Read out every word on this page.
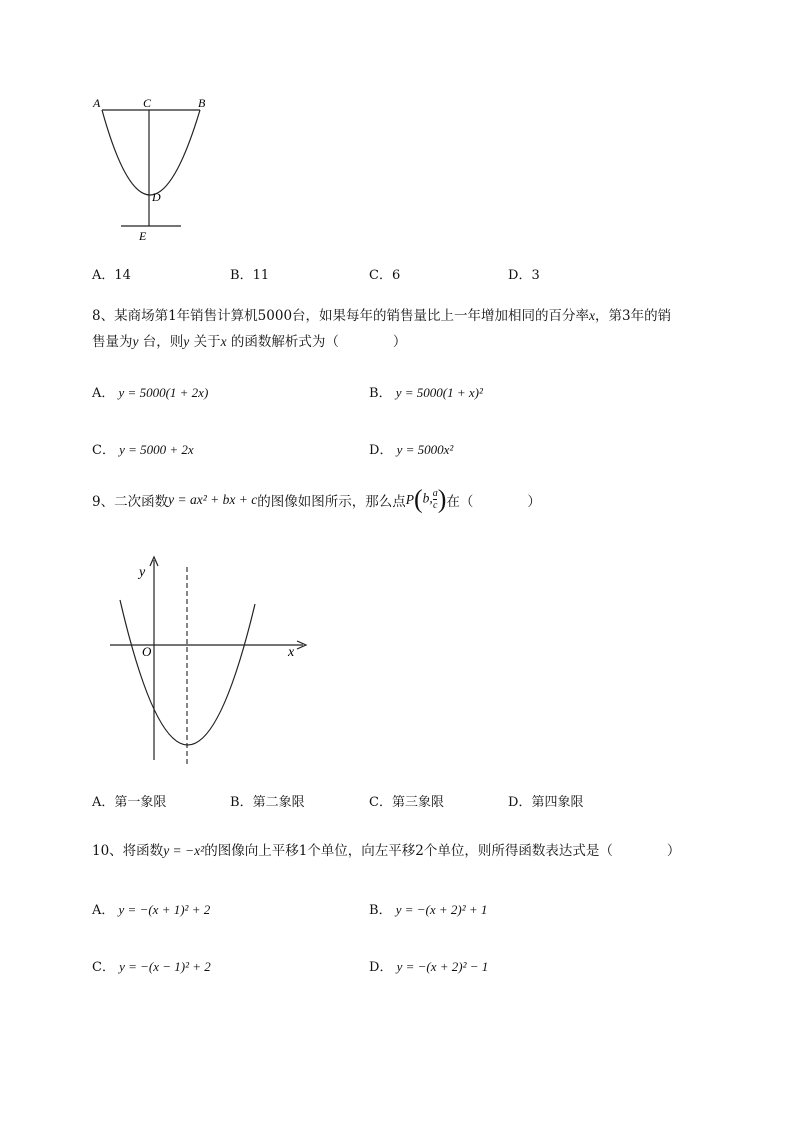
A	C	B
D
E
A．14	B．11	C．6	D．3
8、某商场第1年销售计算机5000台，如果每年的销售量比上一年增加相同的百分率x，第3年的销
售量为y 台，则y 关于x 的函数解析式为（　　　　）
A． y = 5000(1 + 2x)	B． y = 5000(1 + x)²
C． y = 5000 + 2x	D． y = 5000x²
9、二次函数 y = ax² + bx + c 的图像如图所示，那么点 P (b, $\frac{a}{c}$ ) 在（　　　　）
y
x
O
A．第一象限	B．第二象限	C．第三象限	D．第四象限
10、将函数y = −x²的图像向上平移1个单位，向左平移2个单位，则所得函数表达式是（　　　　）
A． y = −(x + 1)² + 2	B． y = −(x + 2)² + 1
C． y = −(x − 1)² + 2	D． y = −(x + 2)² − 1
